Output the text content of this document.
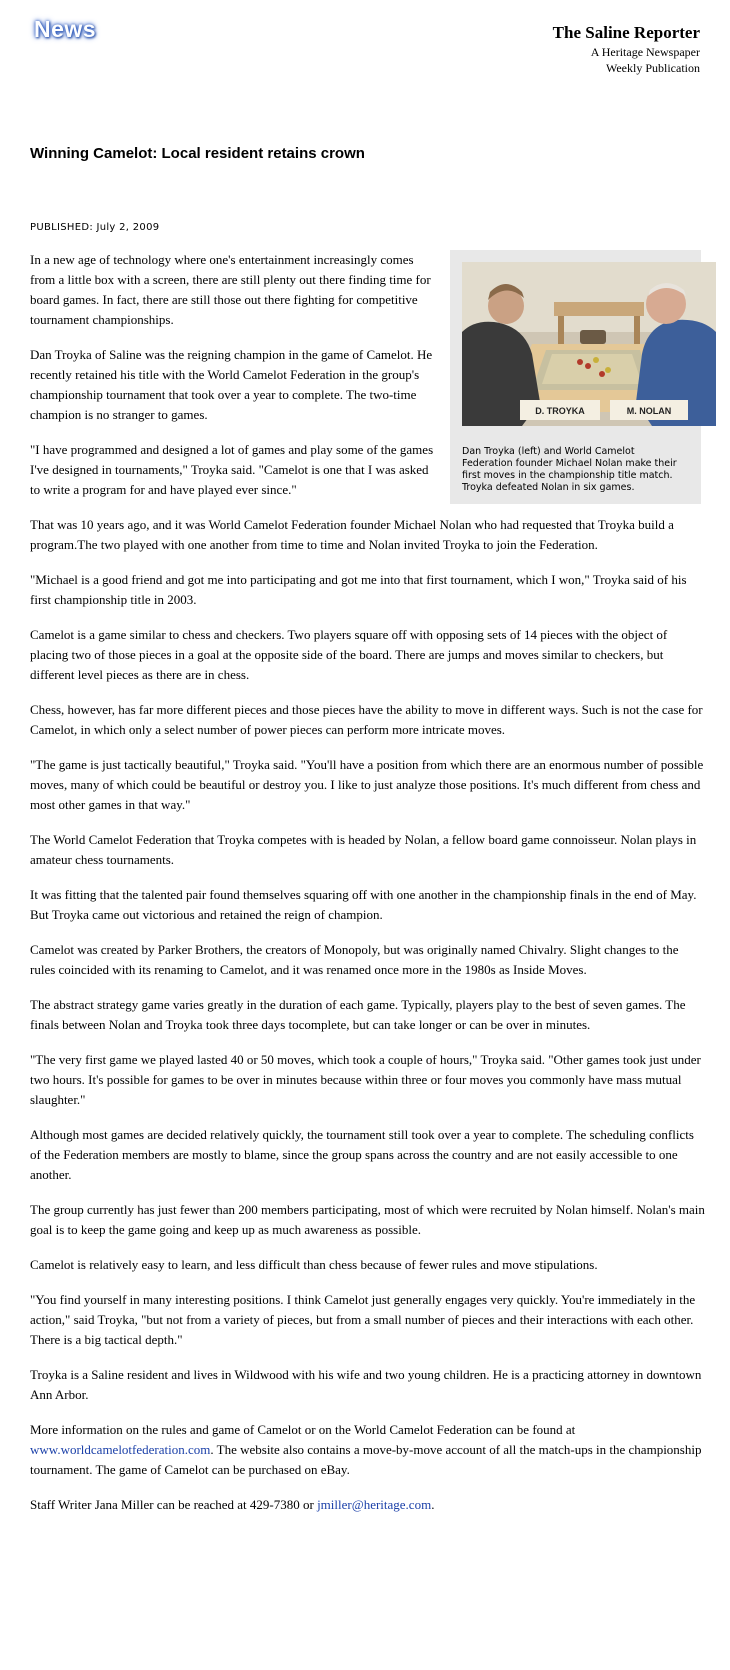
News	The Saline Reporter
A Heritage Newspaper
Weekly Publication
Winning Camelot: Local resident retains crown
PUBLISHED: July 2, 2009
D. TROYKA	M. NOLAN
Dan Troyka (left) and World Camelot Federation founder Michael Nolan make their first moves in the championship title match. Troyka defeated Nolan in six games.

In a new age of technology where one's entertainment increasingly comes from a little box with a screen, there are still plenty out there finding time for board games. In fact, there are still those out there fighting for competitive tournament championships.

Dan Troyka of Saline was the reigning champion in the game of Camelot. He recently retained his title with the World Camelot Federation in the group's championship tournament that took over a year to complete. The two-time champion is no stranger to games.

"I have programmed and designed a lot of games and play some of the games I've designed in tournaments," Troyka said. "Camelot is one that I was asked to write a program for and have played ever since."

That was 10 years ago, and it was World Camelot Federation founder Michael Nolan who had requested that Troyka build a program.The two played with one another from time to time and Nolan invited Troyka to join the Federation.

"Michael is a good friend and got me into participating and got me into that first tournament, which I won," Troyka said of his first championship title in 2003.

Camelot is a game similar to chess and checkers. Two players square off with opposing sets of 14 pieces with the object of placing two of those pieces in a goal at the opposite side of the board. There are jumps and moves similar to checkers, but different level pieces as there are in chess.

Chess, however, has far more different pieces and those pieces have the ability to move in different ways. Such is not the case for Camelot, in which only a select number of power pieces can perform more intricate moves.

"The game is just tactically beautiful," Troyka said. "You'll have a position from which there are an enormous number of possible moves, many of which could be beautiful or destroy you. I like to just analyze those positions. It's much different from chess and most other games in that way."

The World Camelot Federation that Troyka competes with is headed by Nolan, a fellow board game connoisseur. Nolan plays in amateur chess tournaments.

It was fitting that the talented pair found themselves squaring off with one another in the championship finals in the end of May. But Troyka came out victorious and retained the reign of champion.

Camelot was created by Parker Brothers, the creators of Monopoly, but was originally named Chivalry. Slight changes to the rules coincided with its renaming to Camelot, and it was renamed once more in the 1980s as Inside Moves.

The abstract strategy game varies greatly in the duration of each game. Typically, players play to the best of seven games. The finals between Nolan and Troyka took three days tocomplete, but can take longer or can be over in minutes.

"The very first game we played lasted 40 or 50 moves, which took a couple of hours," Troyka said. "Other games took just under two hours. It's possible for games to be over in minutes because within three or four moves you commonly have mass mutual slaughter."

Although most games are decided relatively quickly, the tournament still took over a year to complete. The scheduling conflicts of the Federation members are mostly to blame, since the group spans across the country and are not easily accessible to one another.

The group currently has just fewer than 200 members participating, most of which were recruited by Nolan himself. Nolan's main goal is to keep the game going and keep up as much awareness as possible.

Camelot is relatively easy to learn, and less difficult than chess because of fewer rules and move stipulations.

"You find yourself in many interesting positions. I think Camelot just generally engages very quickly. You're immediately in the action," said Troyka, "but not from a variety of pieces, but from a small number of pieces and their interactions with each other. There is a big tactical depth."

Troyka is a Saline resident and lives in Wildwood with his wife and two young children. He is a practicing attorney in downtown Ann Arbor.

More information on the rules and game of Camelot or on the World Camelot Federation can be found at www.worldcamelotfederation.com. The website also contains a move-by-move account of all the match-ups in the championship tournament. The game of Camelot can be purchased on eBay.

Staff Writer Jana Miller can be reached at 429-7380 or jmiller@heritage.com.
